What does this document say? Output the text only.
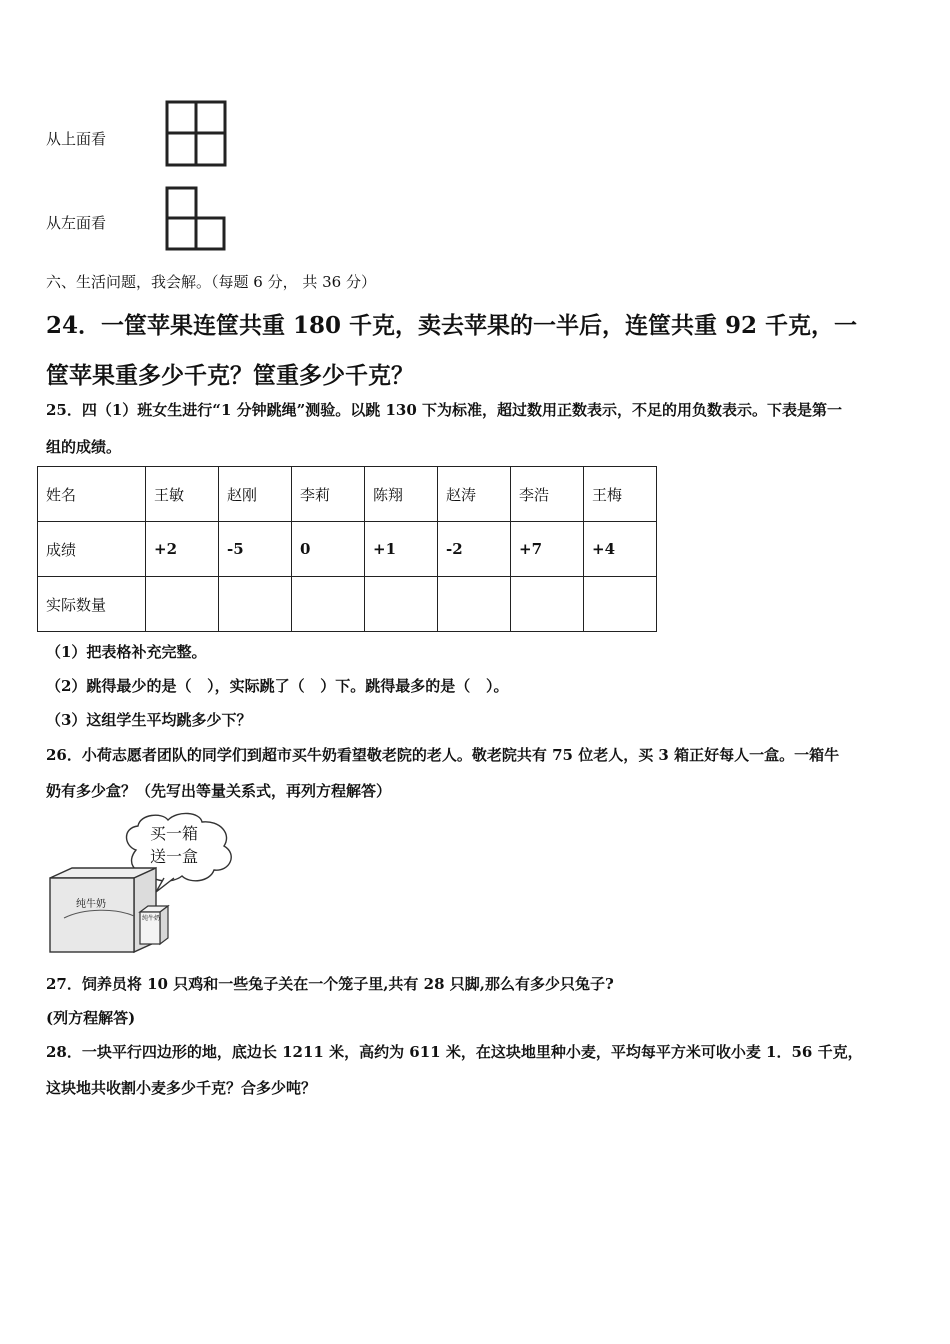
从上面看
从左面看
六、生活问题，我会解。（每题 6 分， 共 36 分）
24．一筐苹果连筐共重 180 千克，卖去苹果的一半后，连筐共重 92 千克，一
筐苹果重多少千克？筐重多少千克？
25．四（1）班女生进行“1 分钟跳绳”测验。以跳 130 下为标准，超过数用正数表示，不足的用负数表示。下表是第一
组的成绩。
姓名	王敏	赵刚	李莉	陈翔	赵涛	李浩	王梅
成绩	+2	-5	0	+1	-2	+7	+4
实际数量							
（1）把表格补充完整。
（2）跳得最少的是（   ），实际跳了（   ）下。跳得最多的是（   ）。
（3）这组学生平均跳多少下？
26．小荷志愿者团队的同学们到超市买牛奶看望敬老院的老人。敬老院共有 75 位老人，买 3 箱正好每人一盒。一箱牛
奶有多少盒？（先写出等量关系式，再列方程解答）
买一箱
送一盒
纯牛奶
纯牛奶
27．饲养员将 10 只鸡和一些兔子关在一个笼子里,共有 28 只脚,那么有多少只兔子?
(列方程解答)
28．一块平行四边形的地，底边长 1211 米，高约为 611 米，在这块地里种小麦，平均每平方米可收小麦 1．56 千克，
这块地共收割小麦多少千克？合多少吨？
